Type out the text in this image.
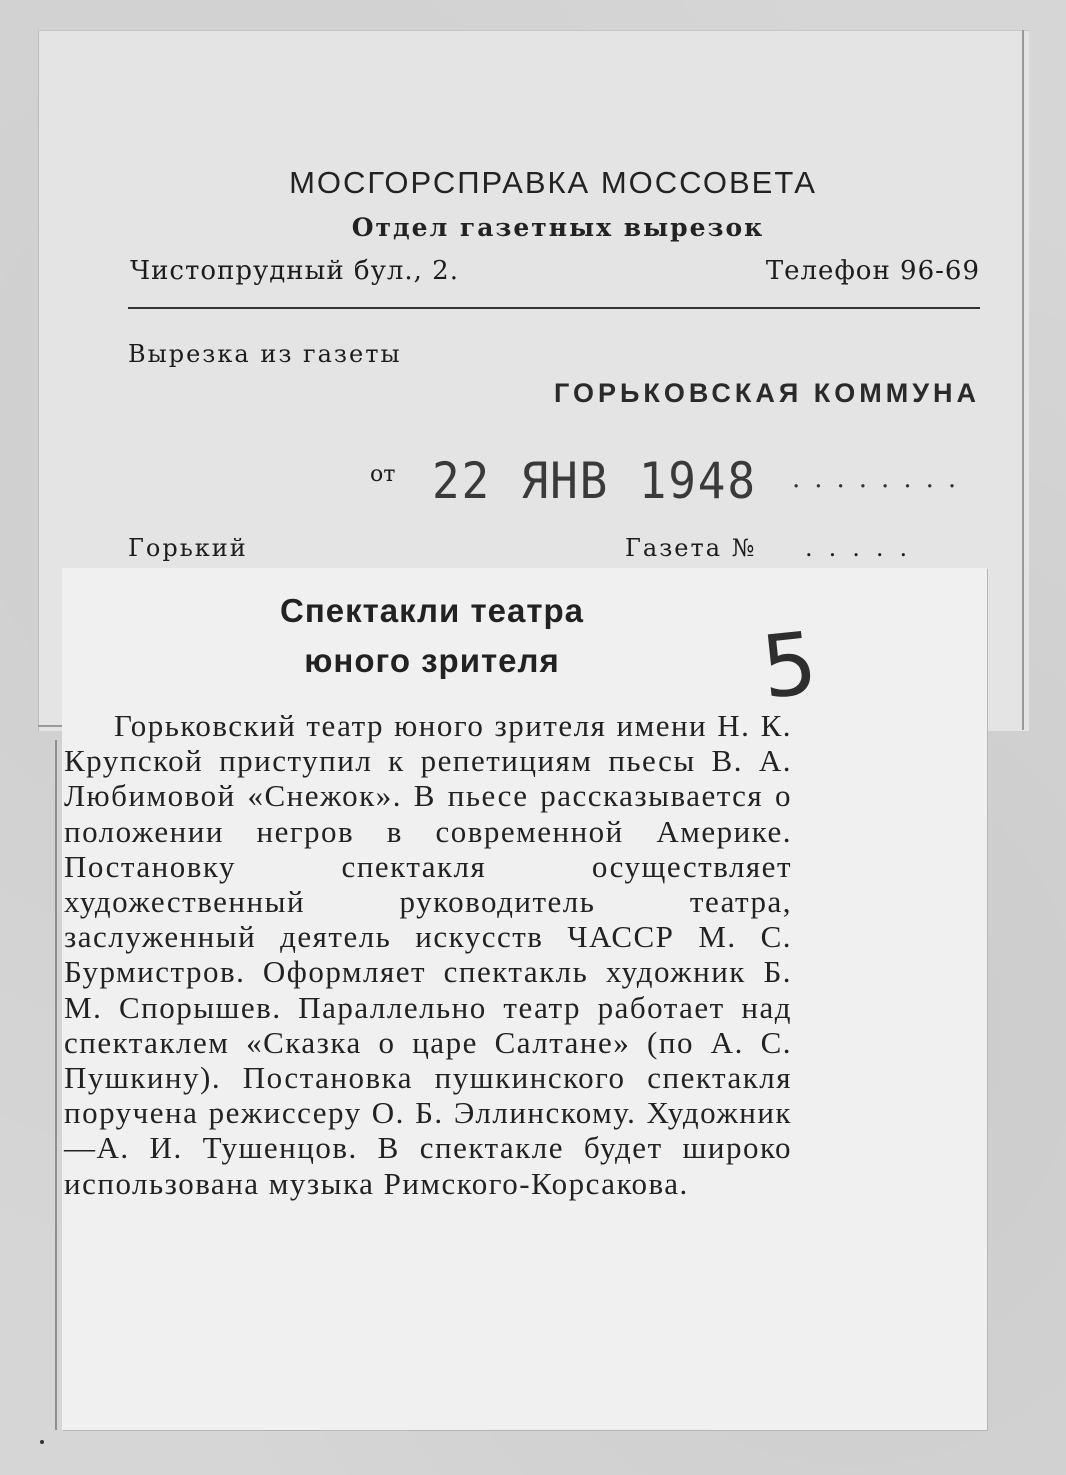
МОСГОРСПРАВКА МОССОВЕТА
Отдел газетных вырезок
Чистопрудный бул., 2.	Телефон 96-69
Вырезка из газеты
ГОРЬКОВСКАЯ КОММУНА
от 22 ЯНВ 1948 ........
Горький	Газета № .....
Спектакли театра
юного зрителя	5
Горьковский театр юного зрителя имени Н. К. Крупской приступил к репетициям пьесы В. А. Любимовой «Снежок». В пьесе рассказывается о положении негров в современной Америке. Постановку спектакля осуществляет художественный руководитель театра, заслуженный деятель искусств ЧАССР М. С. Бурмистров. Оформляет спектакль художник Б. М. Спорышев. Параллельно театр работает над спектаклем «Сказка о царе Салтане» (по А. С. Пушкину). Постановка пушкинского спектакля поручена режиссеру О. Б. Эллинскому. Художник—А. И. Тушенцов. В спектакле будет широко использована музыка Римского-Корсакова.
